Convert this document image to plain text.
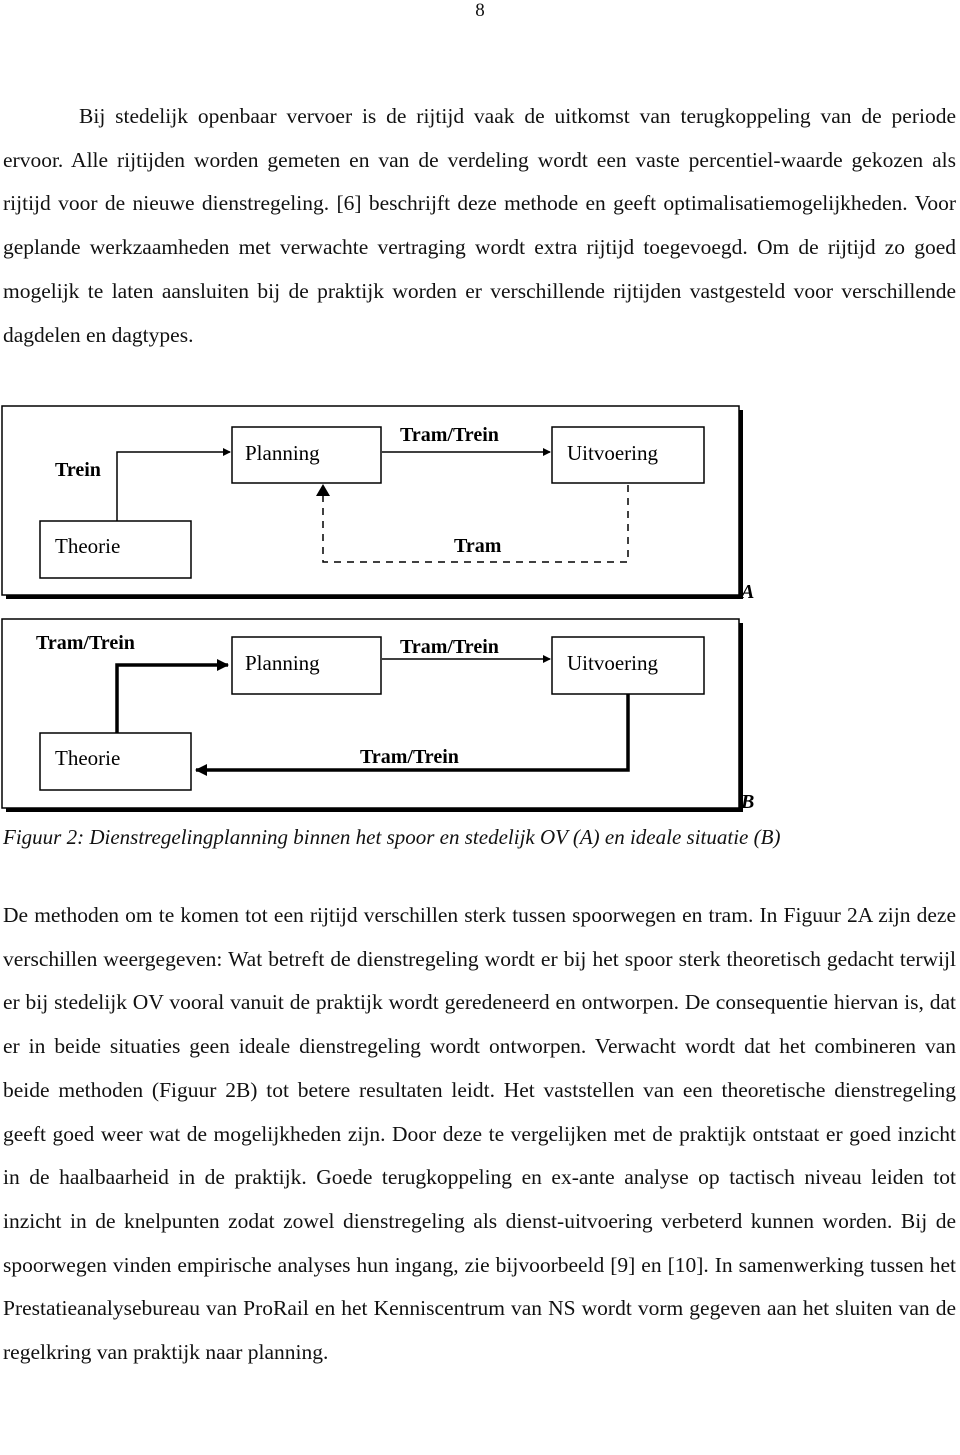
8

Bij stedelijk openbaar vervoer is de rijtijd vaak de uitkomst van terugkoppeling van de periode ervoor. Alle rijtijden worden gemeten en van de verdeling wordt een vaste percentiel-waarde gekozen als rijtijd voor de nieuwe dienstregeling. [6] beschrijft deze methode en geeft optimalisatiemogelijkheden. Voor geplande werkzaamheden met verwachte vertraging wordt extra rijtijd toegevoegd. Om de rijtijd zo goed mogelijk te laten aansluiten bij de praktijk worden er verschillende rijtijden vastgesteld voor verschillende dagdelen en dagtypes.

Planning	Uitvoering
Theorie
Trein
Tram/Trein
Tram
A
Planning	Uitvoering
Theorie
Tram/Trein	Tram/Trein
Tram/Trein
B
Figuur 2: Dienstregelingplanning binnen het spoor en stedelijk OV (A) en ideale situatie (B)

De methoden om te komen tot een rijtijd verschillen sterk tussen spoorwegen en tram. In Figuur 2A zijn deze verschillen weergegeven: Wat betreft de dienstregeling wordt er bij het spoor sterk theoretisch gedacht terwijl er bij stedelijk OV vooral vanuit de praktijk wordt geredeneerd en ontworpen. De consequentie hiervan is, dat er in beide situaties geen ideale dienstregeling wordt ontworpen. Verwacht wordt dat het combineren van beide methoden (Figuur 2B) tot betere resultaten leidt. Het vaststellen van een theoretische dienstregeling geeft goed weer wat de mogelijkheden zijn. Door deze te vergelijken met de praktijk ontstaat er goed inzicht in de haalbaarheid in de praktijk. Goede terugkoppeling en ex-ante analyse op tactisch niveau leiden tot inzicht in de knelpunten zodat zowel dienstregeling als dienst-uitvoering verbeterd kunnen worden. Bij de spoorwegen vinden empirische analyses hun ingang, zie bijvoorbeeld [9] en [10]. In samenwerking tussen het Prestatieanalysebureau van ProRail en het Kenniscentrum van NS wordt vorm gegeven aan het sluiten van de regelkring van praktijk naar planning.
